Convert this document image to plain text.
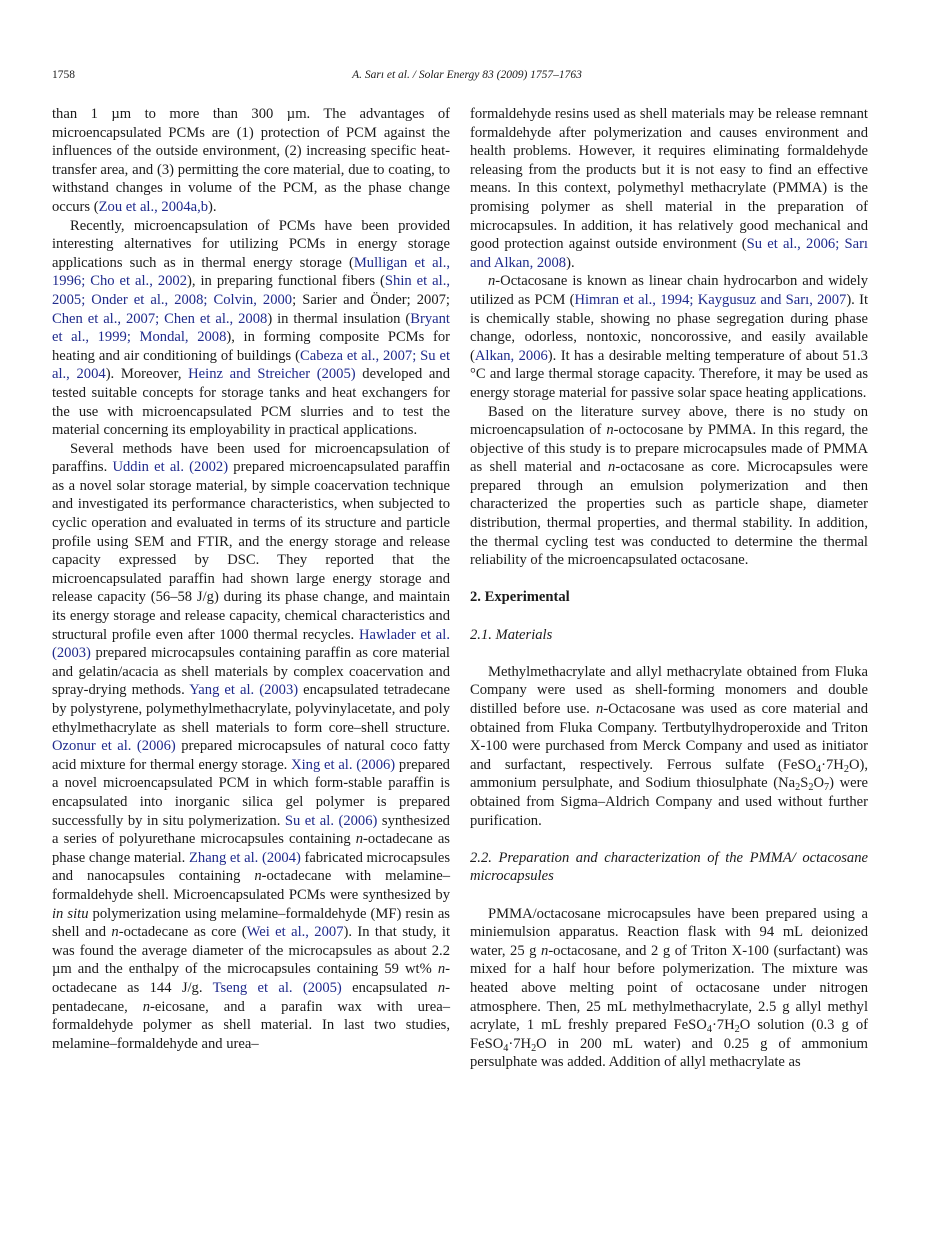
1758	A. Sarı et al. / Solar Energy 83 (2009) 1757–1763

than 1 µm to more than 300 µm. The advantages of microencapsulated PCMs are (1) protection of PCM against the influences of the outside environment, (2) increasing specific heat-transfer area, and (3) permitting the core material, due to coating, to withstand changes in volume of the PCM, as the phase change occurs (Zou et al., 2004a,b).

Recently, microencapsulation of PCMs have been provided interesting alternatives for utilizing PCMs in energy storage applications such as in thermal energy storage (Mulligan et al., 1996; Cho et al., 2002), in preparing functional fibers (Shin et al., 2005; Onder et al., 2008; Colvin, 2000; Sarier and Önder; 2007; Chen et al., 2007; Chen et al., 2008) in thermal insulation (Bryant et al., 1999; Mondal, 2008), in forming composite PCMs for heating and air conditioning of buildings (Cabeza et al., 2007; Su et al., 2004). Moreover, Heinz and Streicher (2005) developed and tested suitable concepts for storage tanks and heat exchangers for the use with microencapsulated PCM slurries and to test the material concerning its employability in practical applications.

Several methods have been used for microencapsulation of paraffins. Uddin et al. (2002) prepared microencapsulated paraffin as a novel solar storage material, by simple coacervation technique and investigated its performance characteristics, when subjected to cyclic operation and evaluated in terms of its structure and particle profile using SEM and FTIR, and the energy storage and release capacity expressed by DSC. They reported that the microencapsulated paraffin had shown large energy storage and release capacity (56–58 J/g) during its phase change, and maintain its energy storage and release capacity, chemical characteristics and structural profile even after 1000 thermal recycles. Hawlader et al. (2003) prepared microcapsules containing paraffin as core material and gelatin/acacia as shell materials by complex coacervation and spray-drying methods. Yang et al. (2003) encapsulated tetradecane by polystyrene, polymethylmethacrylate, polyvinylacetate, and poly ethylmethacrylate as shell materials to form core–shell structure. Ozonur et al. (2006) prepared microcapsules of natural coco fatty acid mixture for thermal energy storage. Xing et al. (2006) prepared a novel microencapsulated PCM in which form-stable paraffin is encapsulated into inorganic silica gel polymer is prepared successfully by in situ polymerization. Su et al. (2006) synthesized a series of polyurethane microcapsules containing n-octadecane as phase change material. Zhang et al. (2004) fabricated microcapsules and nanocapsules containing n-octadecane with melamine–formaldehyde shell. Microencapsulated PCMs were synthesized by in situ polymerization using melamine–formaldehyde (MF) resin as shell and n-octadecane as core (Wei et al., 2007). In that study, it was found the average diameter of the microcapsules as about 2.2 µm and the enthalpy of the microcapsules containing 59 wt% n-octadecane as 144 J/g. Tseng et al. (2005) encapsulated n-pentadecane, n-eicosane, and a parafin wax with urea–formaldehyde polymer as shell material. In last two studies, melamine–formaldehyde and urea–

formaldehyde resins used as shell materials may be release remnant formaldehyde after polymerization and causes environment and health problems. However, it requires eliminating formaldehyde releasing from the products but it is not easy to find an effective means. In this context, polymethyl methacrylate (PMMA) is the promising polymer as shell material in the preparation of microcapsules. In addition, it has relatively good mechanical and good protection against outside environment (Su et al., 2006; Sarı and Alkan, 2008).

n-Octacosane is known as linear chain hydrocarbon and widely utilized as PCM (Himran et al., 1994; Kaygusuz and Sarı, 2007). It is chemically stable, showing no phase segregation during phase change, odorless, nontoxic, noncorossive, and easily available (Alkan, 2006). It has a desirable melting temperature of about 51.3 °C and large thermal storage capacity. Therefore, it may be used as energy storage material for passive solar space heating applications.

Based on the literature survey above, there is no study on microencapsulation of n-octocosane by PMMA. In this regard, the objective of this study is to prepare microcapsules made of PMMA as shell material and n-octacosane as core. Microcapsules were prepared through an emulsion polymerization and then characterized the properties such as particle shape, diameter distribution, thermal properties, and thermal stability. In addition, the thermal cycling test was conducted to determine the thermal reliability of the microencapsulated octacosane.

2. Experimental
2.1. Materials

Methylmethacrylate and allyl methacrylate obtained from Fluka Company were used as shell-forming monomers and double distilled before use. n-Octacosane was used as core material and obtained from Fluka Company. Tertbutylhydroperoxide and Triton X-100 were purchased from Merck Company and used as initiator and surfactant, respectively. Ferrous sulfate $(FeSO_4\cdot 7H_2O)$, ammonium persulphate, and Sodium thiosulphate $(Na_2S_2O_7)$ were obtained from Sigma–Aldrich Company and used without further purification.

2.2. Preparation and characterization of the PMMA/ octacosane microcapsules

PMMA/octacosane microcapsules have been prepared using a miniemulsion apparatus. Reaction flask with 94 mL deionized water, 25 g n-octacosane, and 2 g of Triton X-100 (surfactant) was mixed for a half hour before polymerization. The mixture was heated above melting point of octacosane under nitrogen atmosphere. Then, 25 mL methylmethacrylate, 2.5 g allyl methyl acrylate, 1 mL freshly prepared $FeSO_4\cdot 7H_2O$ solution (0.3 g of $FeSO_4\cdot 7H_2O$ in 200 mL water) and 0.25 g of ammonium persulphate was added. Addition of allyl methacrylate as
